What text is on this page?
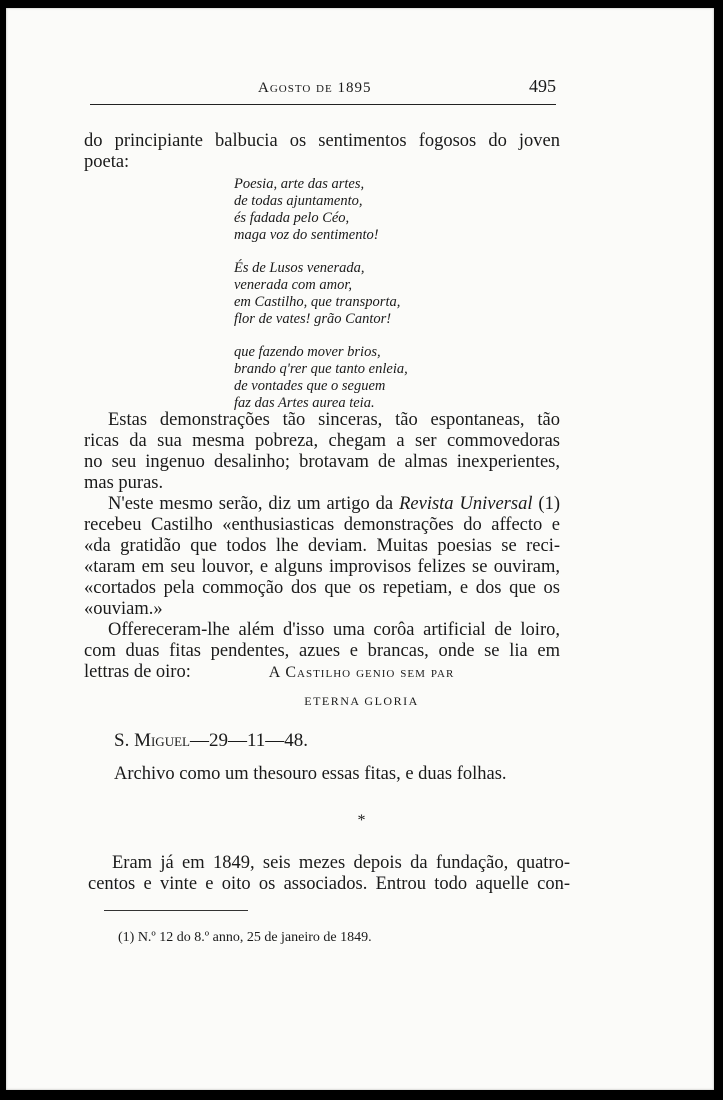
Agosto de 1895	495
do principiante balbucia os sentimentos fogosos do joven
poeta:

Poesia, arte das artes,
de todas ajuntamento,
és fadada pelo Céo,
maga voz do sentimento!

És de Lusos venerada,
venerada com amor,
em Castilho, que transporta,
flor de vates! grão Cantor!

que fazendo mover brios,
brando q'rer que tanto enleia,
de vontades que o seguem
faz das Artes aurea teia.

Estas demonstrações tão sinceras, tão espontaneas, tão
ricas da sua mesma pobreza, chegam a ser commovedoras
no seu ingenuo desalinho; brotavam de almas inexperientes,
mas puras.
N'este mesmo serão, diz um artigo da Revista Universal (1)
recebeu Castilho «enthusiasticas demonstrações do affecto e
«da gratidão que todos lhe deviam. Muitas poesias se reci-
«taram em seu louvor, e alguns improvisos felizes se ouviram,
«cortados pela commoção dos que os repetiam, e dos que os
«ouviam.»
Offereceram-lhe além d'isso uma corôa artificial de loiro,
com duas fitas pendentes, azues e brancas, onde se lia em
lettras de oiro:	A Castilho genio sem par
ETERNA GLORIA
S. Miguel—29—11—48.
Archivo como um thesouro essas fitas, e duas folhas.
*
Eram já em 1849, seis mezes depois da fundação, quatro-
centos e vinte e oito os associados. Entrou todo aquelle con-
(1) N.º 12 do 8.º anno, 25 de janeiro de 1849.
